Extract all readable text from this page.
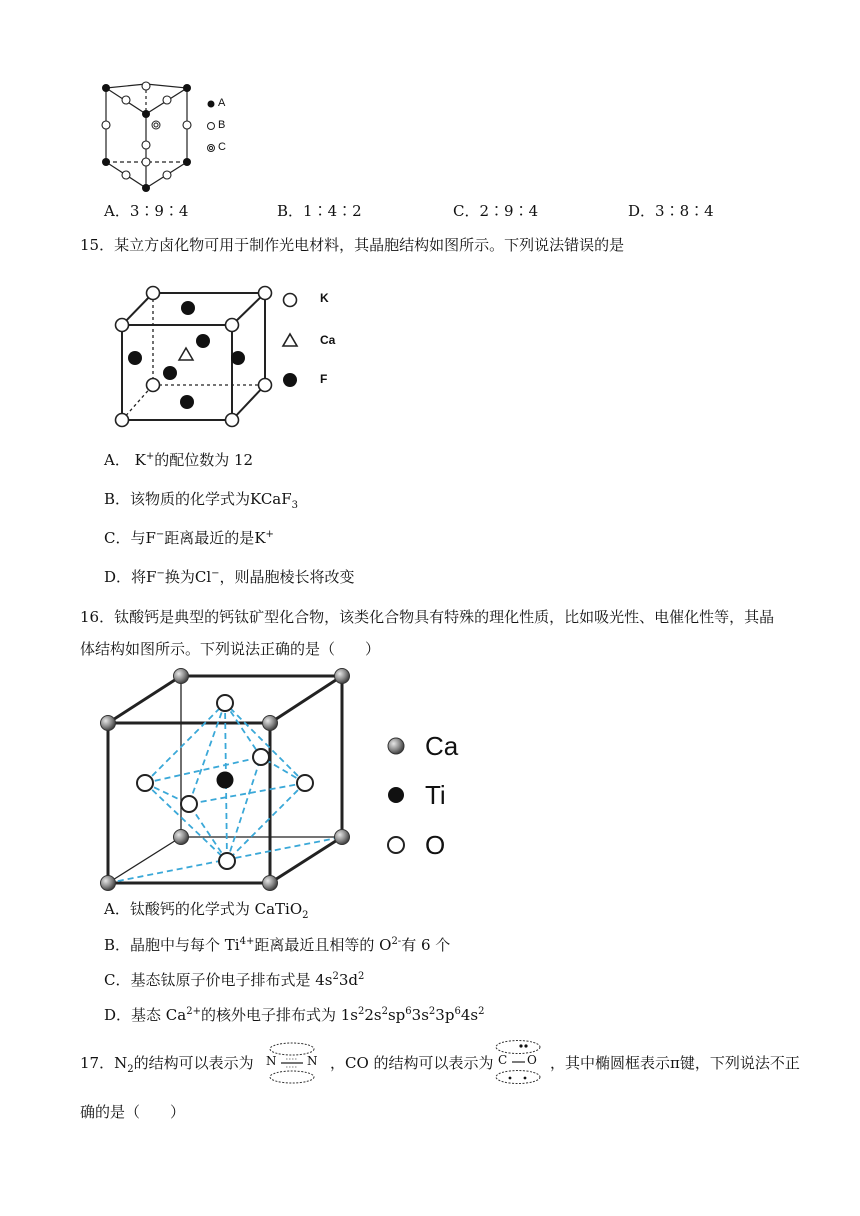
A
B
C
A．3∶9∶4	B．1∶4∶2	C．2∶9∶4	D．3∶8∶4
15．某立方卤化物可用于制作光电材料，其晶胞结构如图所示。下列说法错误的是
K
Ca
F
A． K+的配位数为 12
B．该物质的化学式为KCaF$_3$
C．与F−距离最近的是K+
D．将F−换为Cl−，则晶胞棱长将改变
16．钛酸钙是典型的钙钛矿型化合物，该类化合物具有特殊的理化性质，比如吸光性、电催化性等，其晶
体结构如图所示。下列说法正确的是（　　）
Ca
Ti
O
A．钛酸钙的化学式为 CaTiO$_2$
B．晶胞中与每个 $Ti^{4+}$距离最近且相等的 $O^{2-}$有 6 个
C．基态钛原子价电子排布式是 $4s^23d^2$
D．基态 $Ca^{2+}$的核外电子排布式为 $1s^22s^2sp^63s^23p^64s^2$
17．$N_2$的结构可以表示为 N	N ，CO 的结构可以表示为 C O ，其中椭圆框表示π键，下列说法不正
确的是（　　）
